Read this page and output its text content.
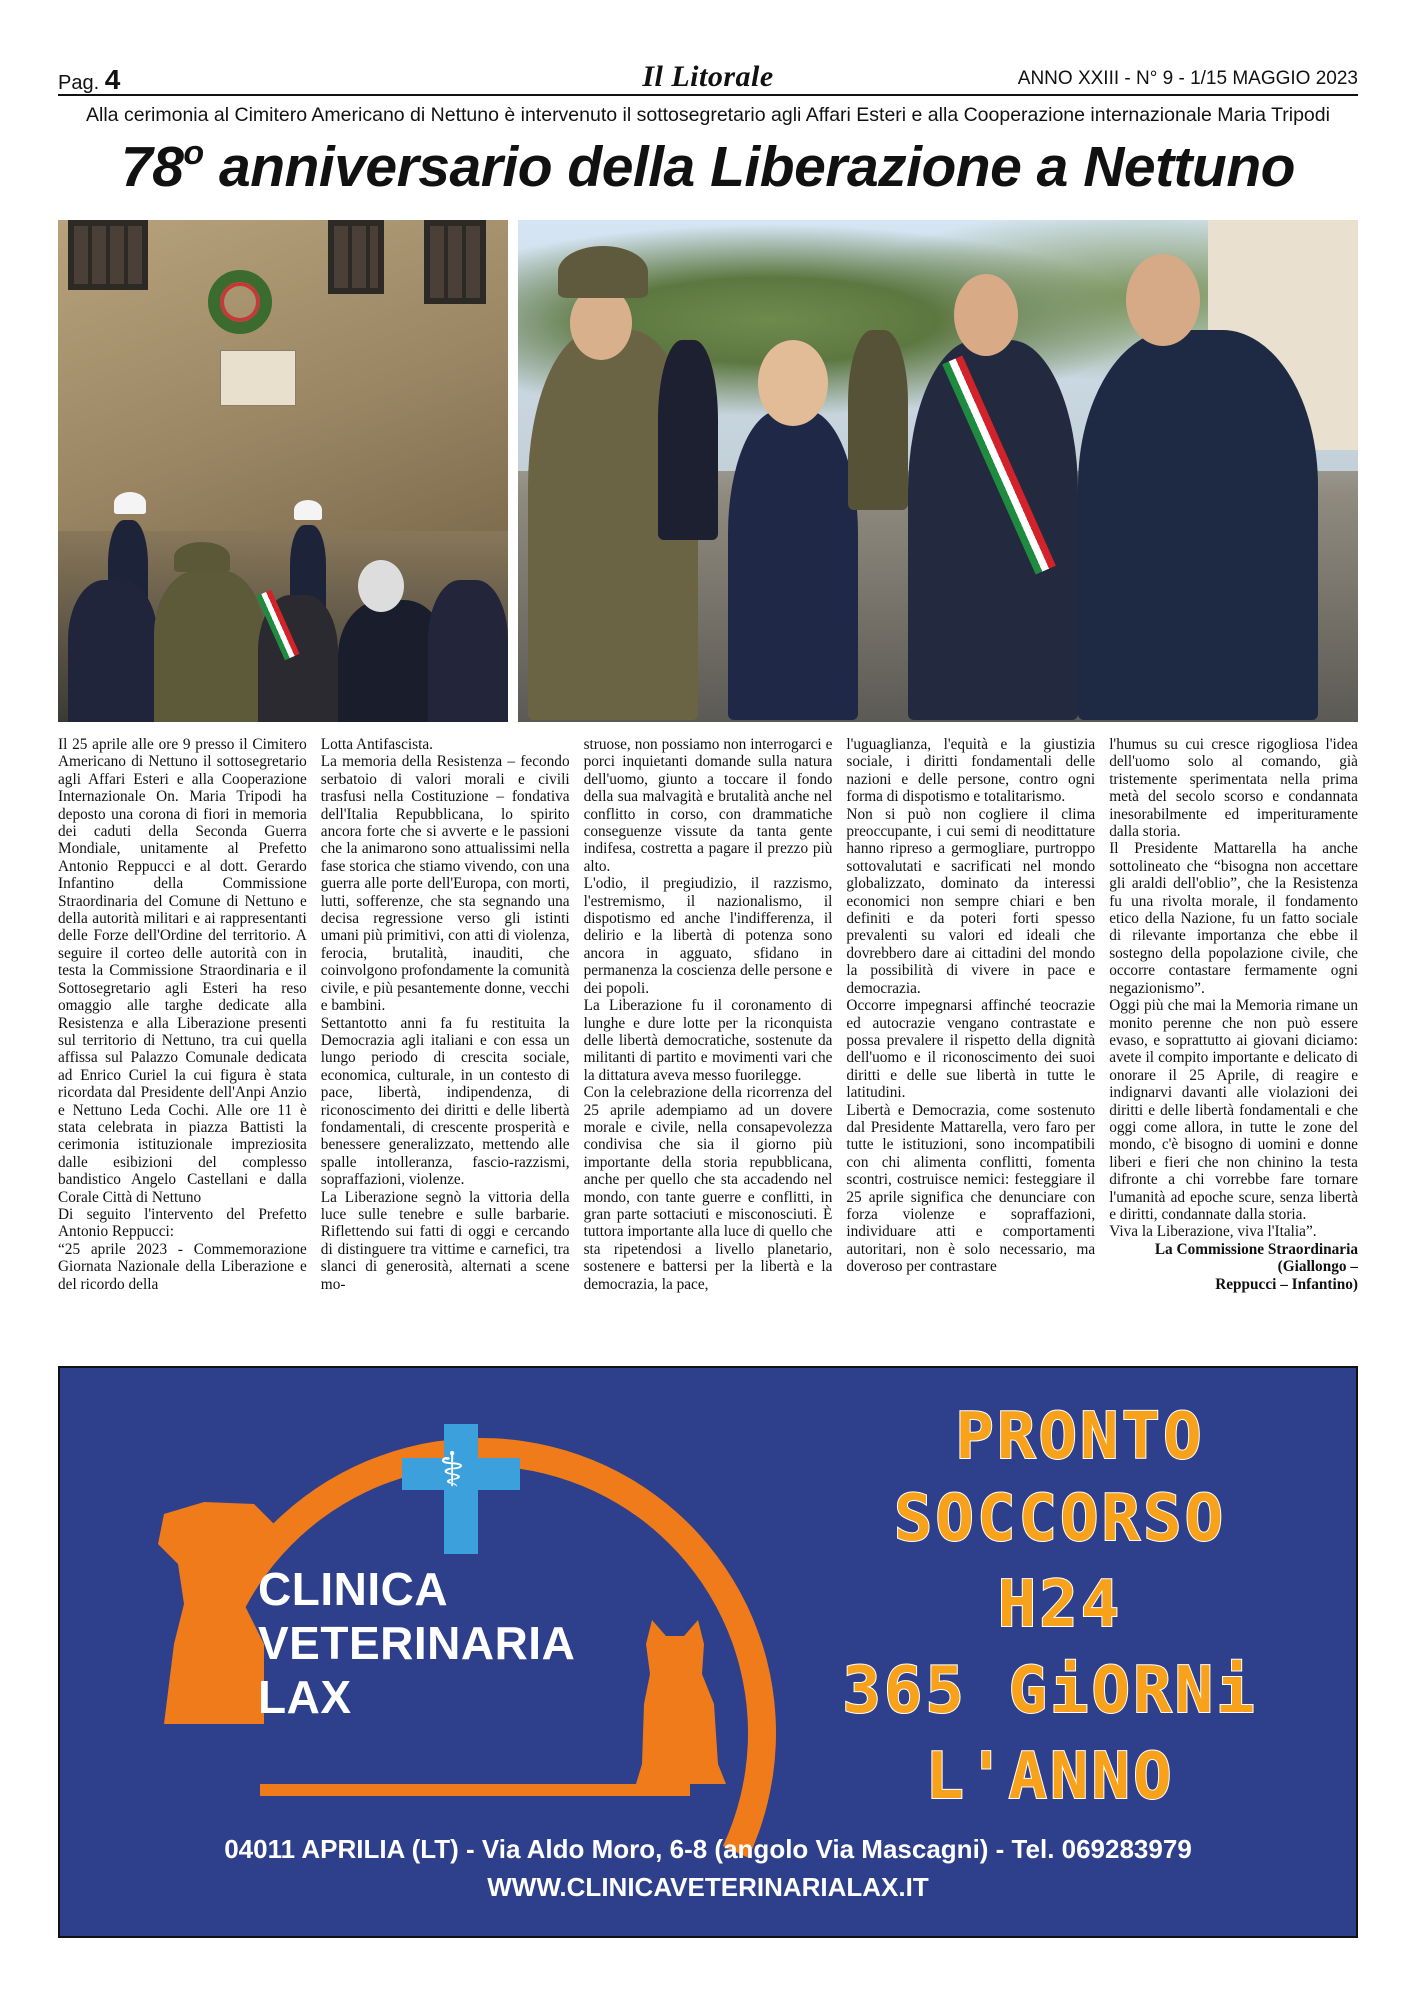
Pag. 4	Il Litorale	ANNO XXIII - N° 9 - 1/15 MAGGIO 2023
Alla cerimonia al Cimitero Americano di Nettuno è intervenuto il sottosegretario agli Affari Esteri e alla Cooperazione internazionale Maria Tripodi
78$^o$ anniversario della Liberazione a Nettuno

Il 25 aprile alle ore 9 presso il Cimitero Americano di Nettuno il sottosegretario agli Affari Esteri e alla Cooperazione Internazionale On. Maria Tripodi ha deposto una corona di fiori in memoria dei caduti della Seconda Guerra Mondiale, unitamente al Prefetto Antonio Reppucci e al dott. Gerardo Infantino della Commissione Straordinaria del Comune di Nettuno e della autorità militari e ai rappresentanti delle Forze dell'Ordine del territorio. A seguire il corteo delle autorità con in testa la Commissione Straordinaria e il Sottosegretario agli Esteri ha reso omaggio alle targhe dedicate alla Resistenza e alla Liberazione presenti sul territorio di Nettuno, tra cui quella affissa sul Palazzo Comunale dedicata ad Enrico Curiel la cui figura è stata ricordata dal Presidente dell'Anpi Anzio e Nettuno Leda Cochi. Alle ore 11 è stata celebrata in piazza Battisti la cerimonia istituzionale impreziosita dalle esibizioni del complesso bandistico Angelo Castellani e dalla Corale Città di Nettuno

Di seguito l'intervento del Prefetto Antonio Reppucci:

“25 aprile 2023 - Commemorazione Giornata Nazionale della Liberazione e del ricordo della

Lotta Antifascista.

La memoria della Resistenza – fecondo serbatoio di valori morali e civili trasfusi nella Costituzione – fondativa dell'Italia Repubblicana, lo spirito ancora forte che si avverte e le passioni che la animarono sono attualissimi nella fase storica che stiamo vivendo, con una guerra alle porte dell'Europa, con morti, lutti, sofferenze, che sta segnando una decisa regressione verso gli istinti umani più primitivi, con atti di violenza, ferocia, brutalità, inauditi, che coinvolgono profondamente la comunità civile, e più pesantemente donne, vecchi e bambini.

Settantotto anni fa fu restituita la Democrazia agli italiani e con essa un lungo periodo di crescita sociale, economica, culturale, in un contesto di pace, libertà, indipendenza, di riconoscimento dei diritti e delle libertà fondamentali, di crescente prosperità e benessere generalizzato, mettendo alle spalle intolleranza, fascio-razzismi, sopraffazioni, violenze.

La Liberazione segnò la vittoria della luce sulle tenebre e sulle barbarie. Riflettendo sui fatti di oggi e cercando di distinguere tra vittime e carnefici, tra slanci di generosità, alternati a scene mo-

struose, non possiamo non interrogarci e porci inquietanti domande sulla natura dell'uomo, giunto a toccare il fondo della sua malvagità e brutalità anche nel conflitto in corso, con drammatiche conseguenze vissute da tanta gente indifesa, costretta a pagare il prezzo più alto.

L'odio, il pregiudizio, il razzismo, l'estremismo, il nazionalismo, il dispotismo ed anche l'indifferenza, il delirio e la libertà di potenza sono ancora in agguato, sfidano in permanenza la coscienza delle persone e dei popoli.

La Liberazione fu il coronamento di lunghe e dure lotte per la riconquista delle libertà democratiche, sostenute da militanti di partito e movimenti vari che la dittatura aveva messo fuorilegge.

Con la celebrazione della ricorrenza del 25 aprile adempiamo ad un dovere morale e civile, nella consapevolezza condivisa che sia il giorno più importante della storia repubblicana, anche per quello che sta accadendo nel mondo, con tante guerre e conflitti, in gran parte sottaciuti e misconosciuti. È tuttora importante alla luce di quello che sta ripetendosi a livello planetario, sostenere e battersi per la libertà e la democrazia, la pace,

l'uguaglianza, l'equità e la giustizia sociale, i diritti fondamentali delle nazioni e delle persone, contro ogni forma di dispotismo e totalitarismo.

Non si può non cogliere il clima preoccupante, i cui semi di neodittature hanno ripreso a germogliare, purtroppo sottovalutati e sacrificati nel mondo globalizzato, dominato da interessi economici non sempre chiari e ben definiti e da poteri forti spesso prevalenti su valori ed ideali che dovrebbero dare ai cittadini del mondo la possibilità di vivere in pace e democrazia.

Occorre impegnarsi affinché teocrazie ed autocrazie vengano contrastate e possa prevalere il rispetto della dignità dell'uomo e il riconoscimento dei suoi diritti e delle sue libertà in tutte le latitudini.

Libertà e Democrazia, come sostenuto dal Presidente Mattarella, vero faro per tutte le istituzioni, sono incompatibili con chi alimenta conflitti, fomenta scontri, costruisce nemici: festeggiare il 25 aprile significa che denunciare con forza violenze e sopraffazioni, individuare atti e comportamenti autoritari, non è solo necessario, ma doveroso per contrastare

l'humus su cui cresce rigogliosa l'idea dell'uomo solo al comando, già tristemente sperimentata nella prima metà del secolo scorso e condannata inesorabilmente ed imperituramente dalla storia.

Il Presidente Mattarella ha anche sottolineato che “bisogna non accettare gli araldi dell'oblio”, che la Resistenza fu una rivolta morale, il fondamento etico della Nazione, fu un fatto sociale di rilevante importanza che ebbe il sostegno della popolazione civile, che occorre contastare fermamente ogni negazionismo”.

Oggi più che mai la Memoria rimane un monito perenne che non può essere evaso, e soprattutto ai giovani diciamo: avete il compito importante e delicato di onorare il 25 Aprile, di reagire e indignarvi davanti alle violazioni dei diritti e delle libertà fondamentali e che oggi come allora, in tutte le zone del mondo, c'è bisogno di uomini e donne liberi e fieri che non chinino la testa difronte a chi vorrebbe fare tornare l'umanità ad epoche scure, senza libertà e diritti, condannate dalla storia.

Viva la Liberazione, viva l'Italia”.

La Commissione Straordinaria

(Giallongo –

Reppucci – Infantino)

⚕
CLINICA
VETERINARIA
LAX
PRONTO
SOCCORSO
H24
365 GiORNi
L'ANNO
04011 APRILIA (LT) - Via Aldo Moro, 6-8 (angolo Via Mascagni) - Tel. 069283979
WWW.CLINICAVETERINARIALAX.IT
